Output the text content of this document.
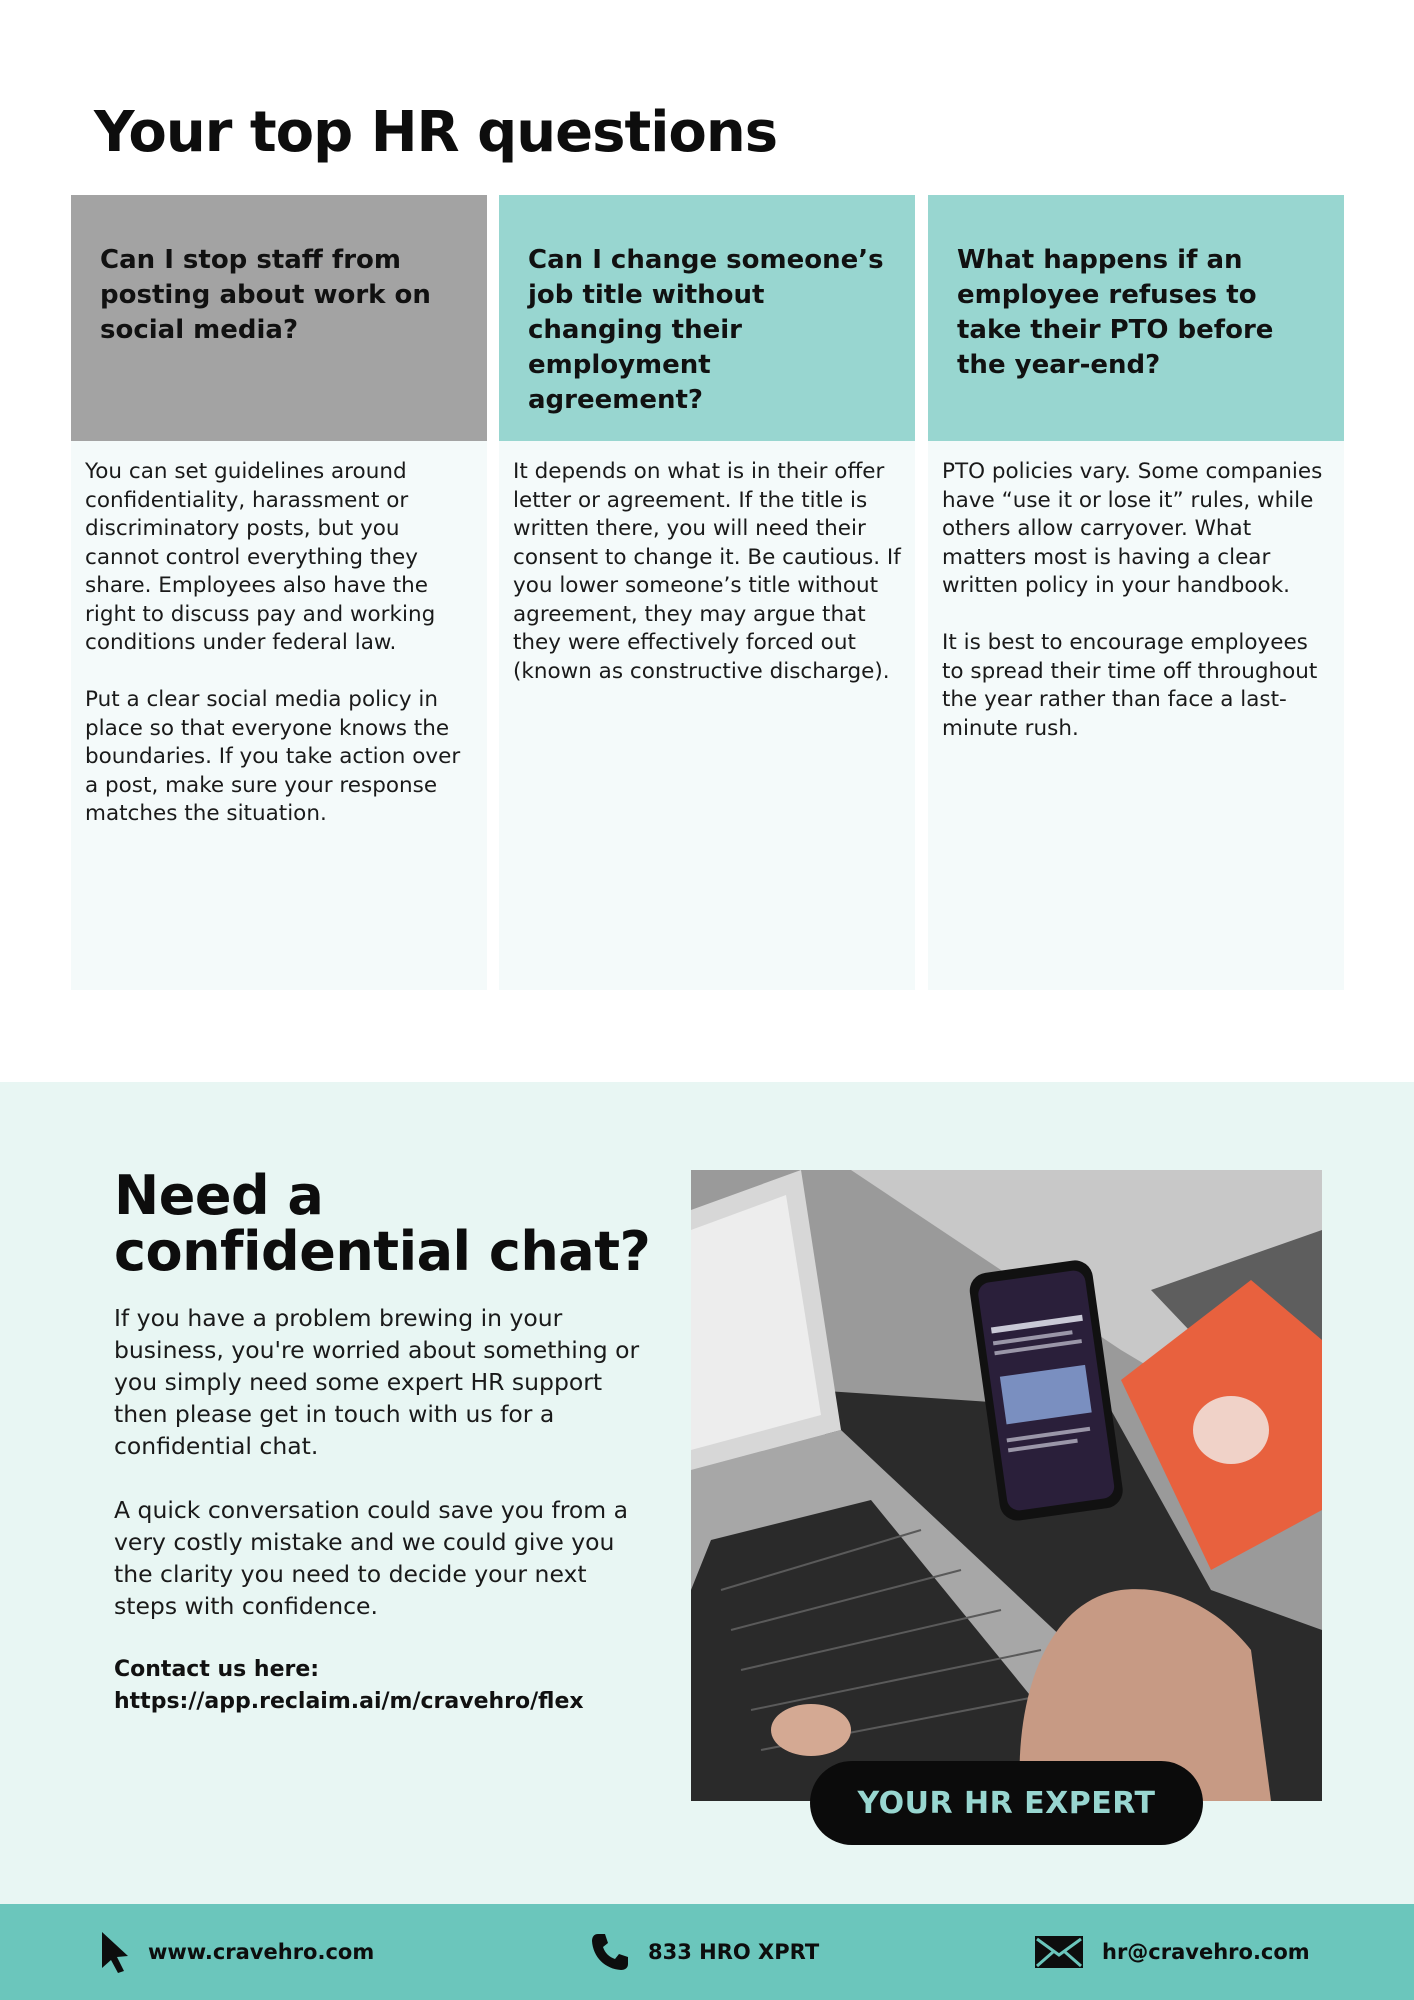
Your top HR questions
Can I stop staff from posting about work on social media?

You can set guidelines around confidentiality, harassment or discriminatory posts, but you cannot control everything they share. Employees also have the right to discuss pay and working conditions under federal law.

Put a clear social media policy in place so that everyone knows the boundaries. If you take action over a post, make sure your response matches the situation.

Can I change someone’s job title without changing their employment agreement?

It depends on what is in their offer letter or agreement. If the title is written there, you will need their consent to change it. Be cautious. If you lower someone’s title without agreement, they may argue that they were effectively forced out (known as constructive discharge).

What happens if an employee refuses to take their PTO before the year-end?

PTO policies vary. Some companies have “use it or lose it” rules, while others allow carryover. What matters most is having a clear written policy in your handbook.

It is best to encourage employees to spread their time off throughout the year rather than face a last-minute rush.

Need a confidential chat?

If you have a problem brewing in your business, you're worried about something or you simply need some expert HR support then please get in touch with us for a confidential chat.

A quick conversation could save you from a very costly mistake and we could give you the clarity you need to decide your next steps with confidence.

Contact us here:
https://app.reclaim.ai/m/cravehro/flex
YOUR HR EXPERT
www.cravehro.com	833 HRO XPRT	hr@cravehro.com
